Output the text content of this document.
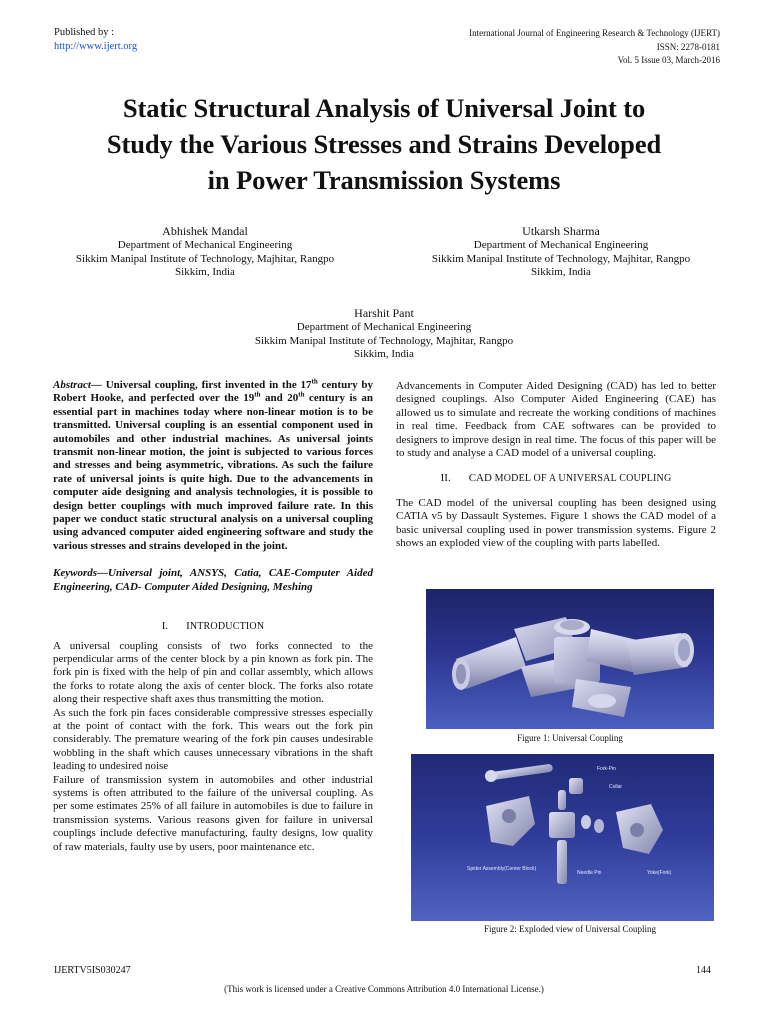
Published by :
http://www.ijert.org
International Journal of Engineering Research & Technology (IJERT)
ISSN: 2278-0181
Vol. 5 Issue 03, March-2016
Static Structural Analysis of Universal Joint to
Study the Various Stresses and Strains Developed
in Power Transmission Systems
Abhishek Mandal
Department of Mechanical Engineering
Sikkim Manipal Institute of Technology, Majhitar, Rangpo
Sikkim, India
Utkarsh Sharma
Department of Mechanical Engineering
Sikkim Manipal Institute of Technology, Majhitar, Rangpo
Sikkim, India
Harshit Pant
Department of Mechanical Engineering
Sikkim Manipal Institute of Technology, Majhitar, Rangpo
Sikkim, India

Abstract— Universal coupling, first invented in the 17th century by Robert Hooke, and perfected over the 19th and 20th century is an essential part in machines today where non-linear motion is to be transmitted. Universal coupling is an essential component used in automobiles and other industrial machines. As universal joints transmit non-linear motion, the joint is subjected to various forces and stresses and being asymmetric, vibrations. As such the failure rate of universal joints is quite high. Due to the advancements in computer aide designing and analysis technologies, it is possible to design better couplings with much improved failure rate. In this paper we conduct static structural analysis on a universal coupling using advanced computer aided engineering software and study the various stresses and strains developed in the joint.

Keywords—Universal joint, ANSYS, Catia, CAE-Computer Aided Engineering, CAD- Computer Aided Designing, Meshing

I. INTRODUCTION

A universal coupling consists of two forks connected to the perpendicular arms of the center block by a pin known as fork pin. The fork pin is fixed with the help of pin and collar assembly, which allows the forks to rotate along the axis of center block. The forks also rotate along their respective shaft axes thus transmitting the motion.

As such the fork pin faces considerable compressive stresses especially at the point of contact with the fork. This wears out the fork pin considerably. The premature wearing of the fork pin causes undesirable wobbling in the shaft which causes unnecessary vibrations in the shaft leading to undesired noise

Failure of transmission system in automobiles and other industrial systems is often attributed to the failure of the universal coupling. As per some estimates 25% of all failure in automobiles is due to failure in transmission systems. Various reasons given for failure in universal couplings include defective manufacturing, faulty designs, low quality of raw materials, faulty use by users, poor maintenance etc.

Advancements in Computer Aided Designing (CAD) has led to better designed couplings. Also Computer Aided Engineering (CAE) has allowed us to simulate and recreate the working conditions of machines in real time. Feedback from CAE softwares can be provided to designers to improve design in real time. The focus of this paper will be to study and analyse a CAD model of a universal coupling.

II. CAD MODEL OF A UNIVERSAL COUPLING

The CAD model of the universal coupling has been designed using CATIA v5 by Dassault Systemes. Figure 1 shows the CAD model of a basic universal coupling used in power transmission systems. Figure 2 shows an exploded view of the coupling with parts labelled.

Figure 1: Universal Coupling
Fork-Pin
Collar
Spider Assembly(Center Block)
Needle Pin	Yoke(Fork)
Figure 2: Exploded view of Universal Coupling
IJERTV5IS030247	144
(This work is licensed under a Creative Commons Attribution 4.0 International License.)
